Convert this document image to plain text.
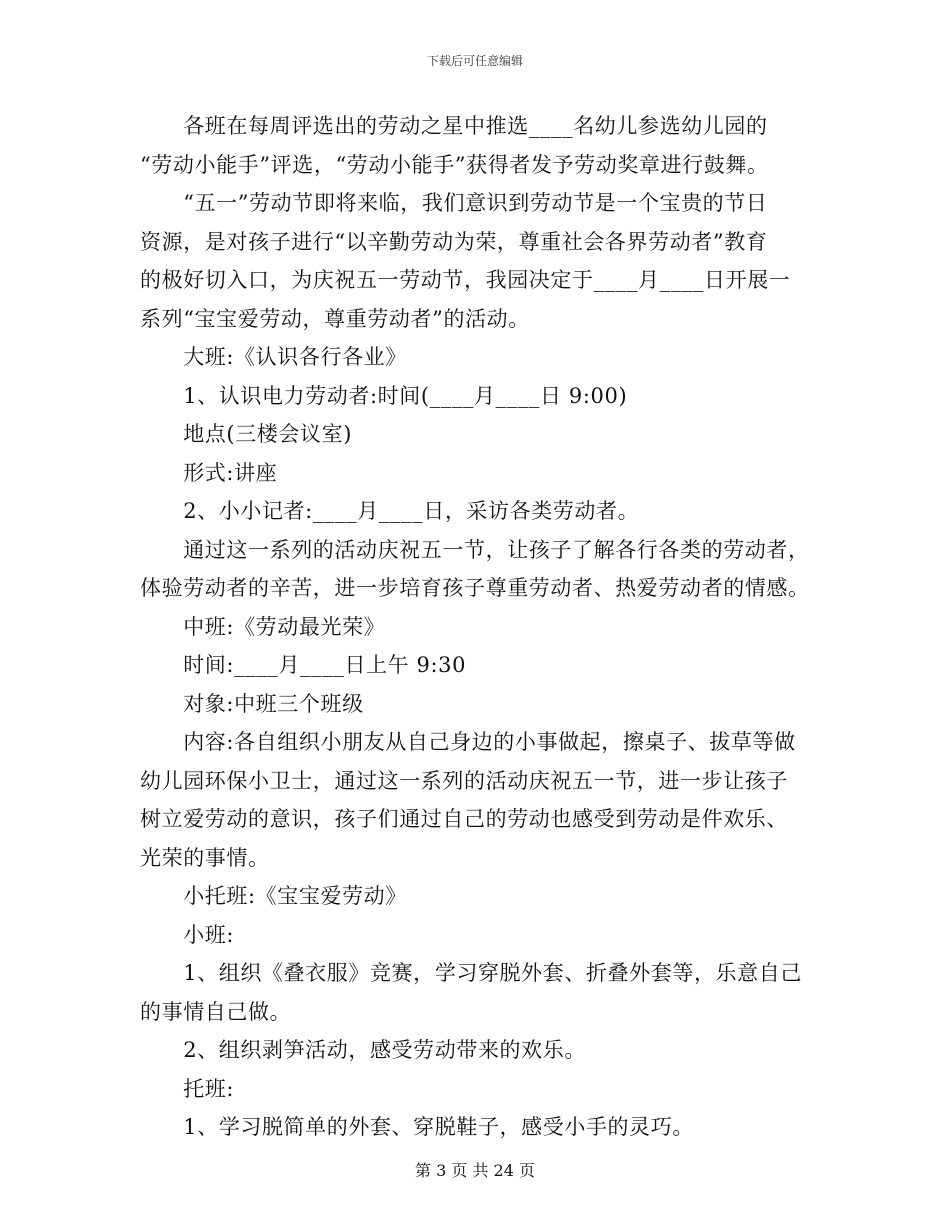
下载后可任意编辑

　　各班在每周评选出的劳动之星中推选____名幼儿参选幼儿园的

“劳动小能手”评选，“劳动小能手”获得者发予劳动奖章进行鼓舞。

　　“五一”劳动节即将来临，我们意识到劳动节是一个宝贵的节日

资源，是对孩子进行“以辛勤劳动为荣，尊重社会各界劳动者”教育

的极好切入口，为庆祝五一劳动节，我园决定于____月____日开展一

系列“宝宝爱劳动，尊重劳动者”的活动。

　　大班:《认识各行各业》

　　1、认识电力劳动者:时间(____月____日 9:00)

　　地点(三楼会议室)

　　形式:讲座

　　2、小小记者:____月____日，采访各类劳动者。

　　通过这一系列的活动庆祝五一节，让孩子了解各行各类的劳动者，

体验劳动者的辛苦，进一步培育孩子尊重劳动者、热爱劳动者的情感。

　　中班:《劳动最光荣》

　　时间:____月____日上午 9:30

　　对象:中班三个班级

　　内容:各自组织小朋友从自己身边的小事做起，擦桌子、拔草等做

幼儿园环保小卫士，通过这一系列的活动庆祝五一节，进一步让孩子

树立爱劳动的意识，孩子们通过自己的劳动也感受到劳动是件欢乐、

光荣的事情。

　　小托班:《宝宝爱劳动》

　　小班:

　　1、组织《叠衣服》竞赛，学习穿脱外套、折叠外套等，乐意自己

的事情自己做。

　　2、组织剥笋活动，感受劳动带来的欢乐。

　　托班:

　　1、学习脱简单的外套、穿脱鞋子，感受小手的灵巧。

第 3 页 共 24 页
